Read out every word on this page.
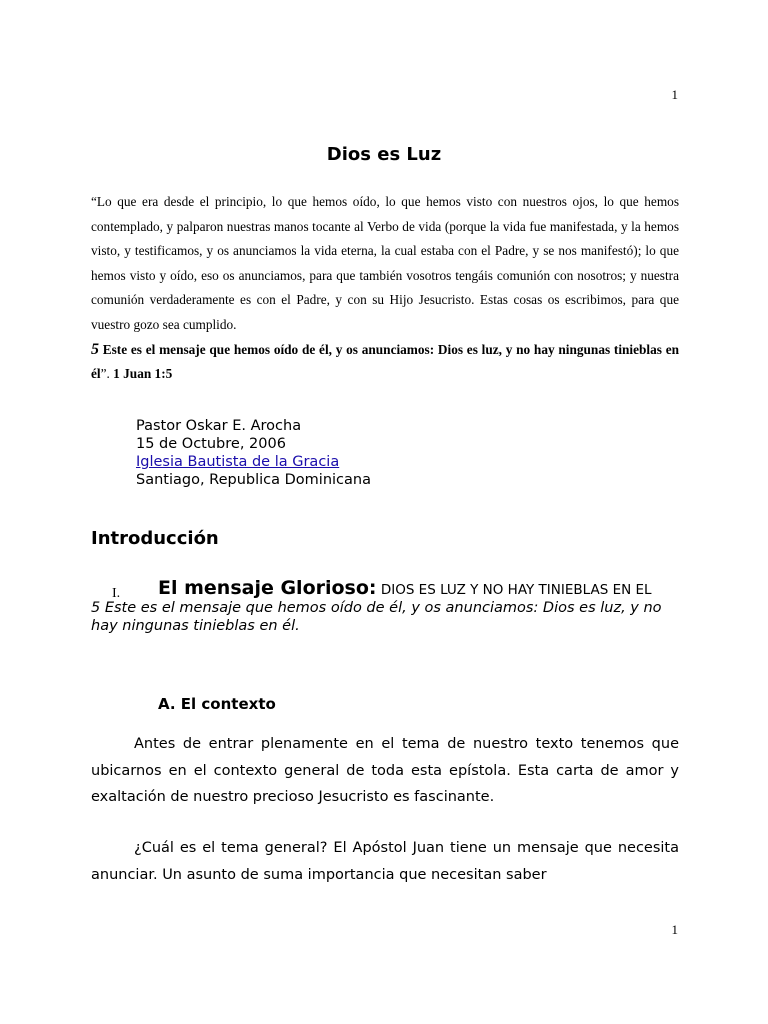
1
Dios es Luz

“Lo que era desde el principio, lo que hemos oído, lo que hemos visto con nuestros ojos, lo que hemos contemplado, y palparon nuestras manos tocante al Verbo de vida (porque la vida fue manifestada, y la hemos visto, y testificamos, y os anunciamos la vida eterna, la cual estaba con el Padre, y se nos manifestó); lo que hemos visto y oído, eso os anunciamos, para que también vosotros tengáis comunión con nosotros; y nuestra comunión verdaderamente es con el Padre, y con su Hijo Jesucristo. Estas cosas os escribimos, para que vuestro gozo sea cumplido.
5 Este es el mensaje que hemos oído de él, y os anunciamos: Dios es luz, y no hay ningunas tinieblas en él”. 1 Juan 1:5

Pastor Oskar E. Arocha
15 de Octubre, 2006
Iglesia Bautista de la Gracia
Santiago, Republica Dominicana
Introducción
I. El mensaje Glorioso: DIOS ES LUZ Y NO HAY TINIEBLAS EN EL
5 Este es el mensaje que hemos oído de él, y os anunciamos: Dios es luz, y no hay ningunas tinieblas en él.
A. El contexto

Antes de entrar plenamente en el tema de nuestro texto tenemos que ubicarnos en el contexto general de toda esta epístola. Esta carta de amor y exaltación de nuestro precioso Jesucristo es fascinante.

¿Cuál es el tema general? El Apóstol Juan tiene un mensaje que necesita anunciar. Un asunto de suma importancia que necesitan saber

1
